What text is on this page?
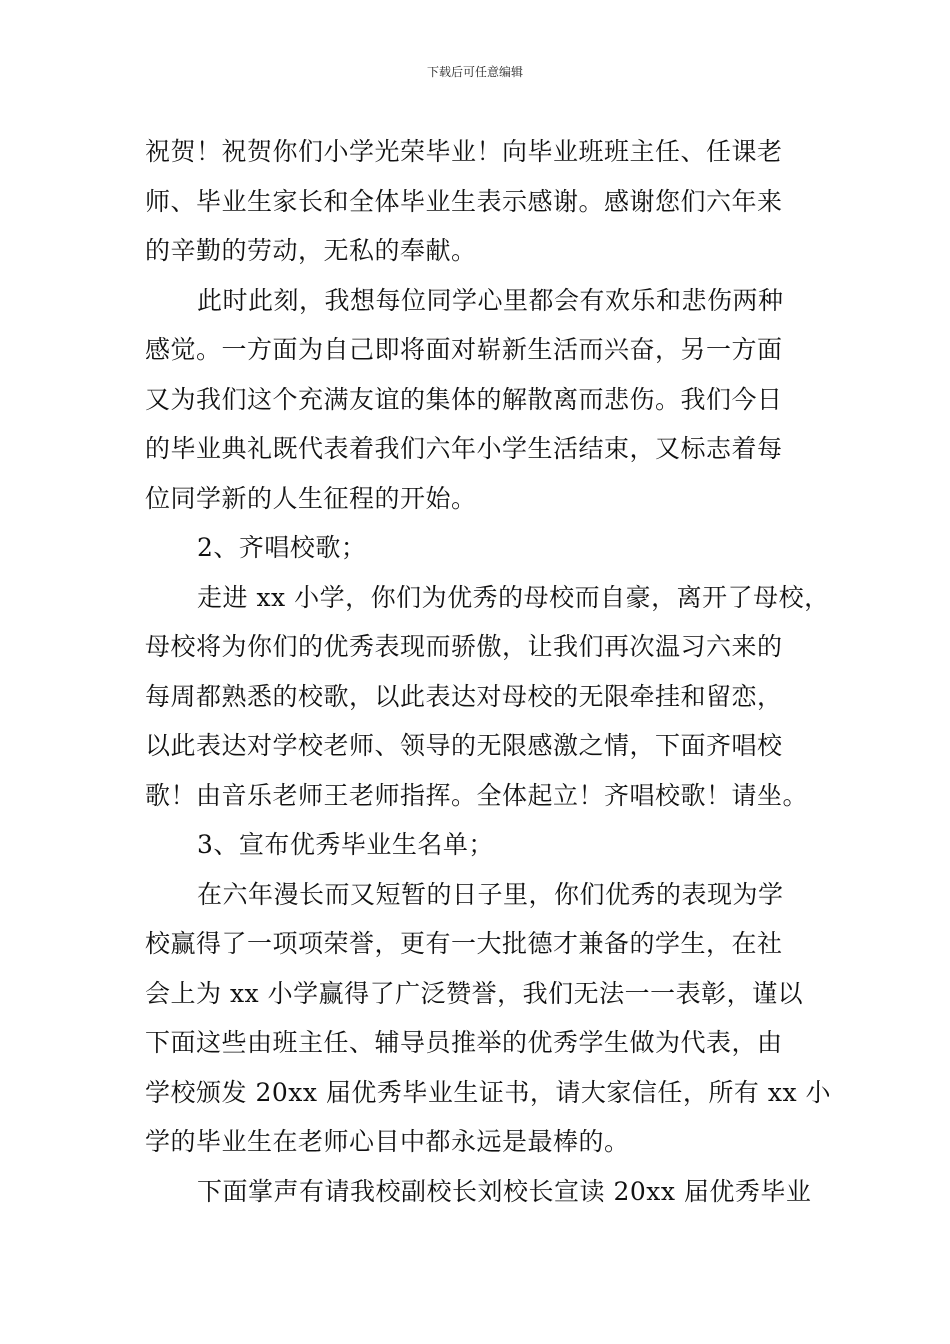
下载后可任意编辑
祝贺！祝贺你们小学光荣毕业！向毕业班班主任、任课老
师、毕业生家长和全体毕业生表示感谢。感谢您们六年来
的辛勤的劳动，无私的奉献。
此时此刻，我想每位同学心里都会有欢乐和悲伤两种
感觉。一方面为自己即将面对崭新生活而兴奋，另一方面
又为我们这个充满友谊的集体的解散离而悲伤。我们今日
的毕业典礼既代表着我们六年小学生活结束，又标志着每
位同学新的人生征程的开始。
2、齐唱校歌；
走进 xx 小学，你们为优秀的母校而自豪，离开了母校，
母校将为你们的优秀表现而骄傲，让我们再次温习六来的
每周都熟悉的校歌，以此表达对母校的无限牵挂和留恋，
以此表达对学校老师、领导的无限感激之情，下面齐唱校
歌！由音乐老师王老师指挥。全体起立！齐唱校歌！请坐。
3、宣布优秀毕业生名单；
在六年漫长而又短暂的日子里，你们优秀的表现为学
校赢得了一项项荣誉，更有一大批德才兼备的学生，在社
会上为 xx 小学赢得了广泛赞誉，我们无法一一表彰，谨以
下面这些由班主任、辅导员推举的优秀学生做为代表，由
学校颁发 20xx 届优秀毕业生证书，请大家信任，所有 xx 小
学的毕业生在老师心目中都永远是最棒的。
下面掌声有请我校副校长刘校长宣读 20xx 届优秀毕业
